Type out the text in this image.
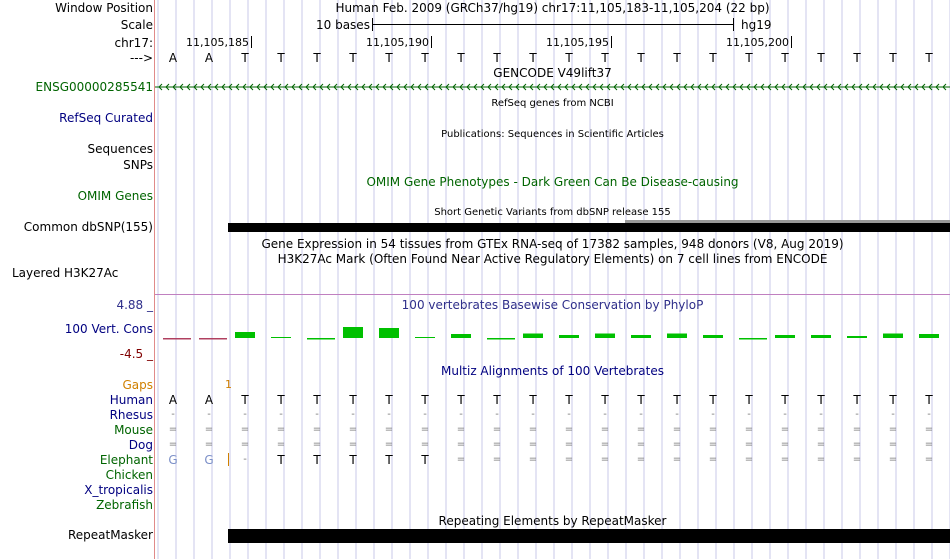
Window Position	Human Feb. 2009 (GRCh37/hg19) chr17:11,105,183-11,105,204 (22 bp)
Scale	10 bases	hg19
chr17:	11,105,185	11,105,190	11,105,195	11,105,200
--->	A	A	T	T	T	T	T	T	T	T	T	T	T	T	T	T	T	T	T	T	T	T
GENCODE V49lift37
ENSG00000285541
RefSeq genes from NCBI
RefSeq Curated
Publications: Sequences in Scientific Articles
Sequences
SNPs
OMIM Gene Phenotypes - Dark Green Can Be Disease-causing
OMIM Genes
Short Genetic Variants from dbSNP release 155
Common dbSNP(155)
Gene Expression in 54 tissues from GTEx RNA-seq of 17382 samples, 948 donors (V8, Aug 2019)
H3K27Ac Mark (Often Found Near Active Regulatory Elements) on 7 cell lines from ENCODE
Layered H3K27Ac
100 vertebrates Basewise Conservation by PhyloP
4.88 _
100 Vert. Cons
-4.5 _
Multiz Alignments of 100 Vertebrates
Gaps	1
Human	A	A	T	T	T	T	T	T	T	T	T	T	T	T	T	T	T	T	T	T	T	T
Rhesus	-	-	-	-	-	-	-	-	-	-	-	-	-	-	-	-	-	-	-	-	-	-
Mouse	=	=	=	=	=	=	=	=	=	=	=	=	=	=	=	=	=	=	=	=	=	=
Dog	=	=	=	=	=	=	=	=	=	=	=	=	=	=	=	=	=	=	=	=	=	=
Elephant	G	G	-	T	T	T	T	T	=	=	=	=	=	=	=	=	=	=	=	=	=	=
Chicken
X_tropicalis
Zebrafish
Repeating Elements by RepeatMasker
RepeatMasker
